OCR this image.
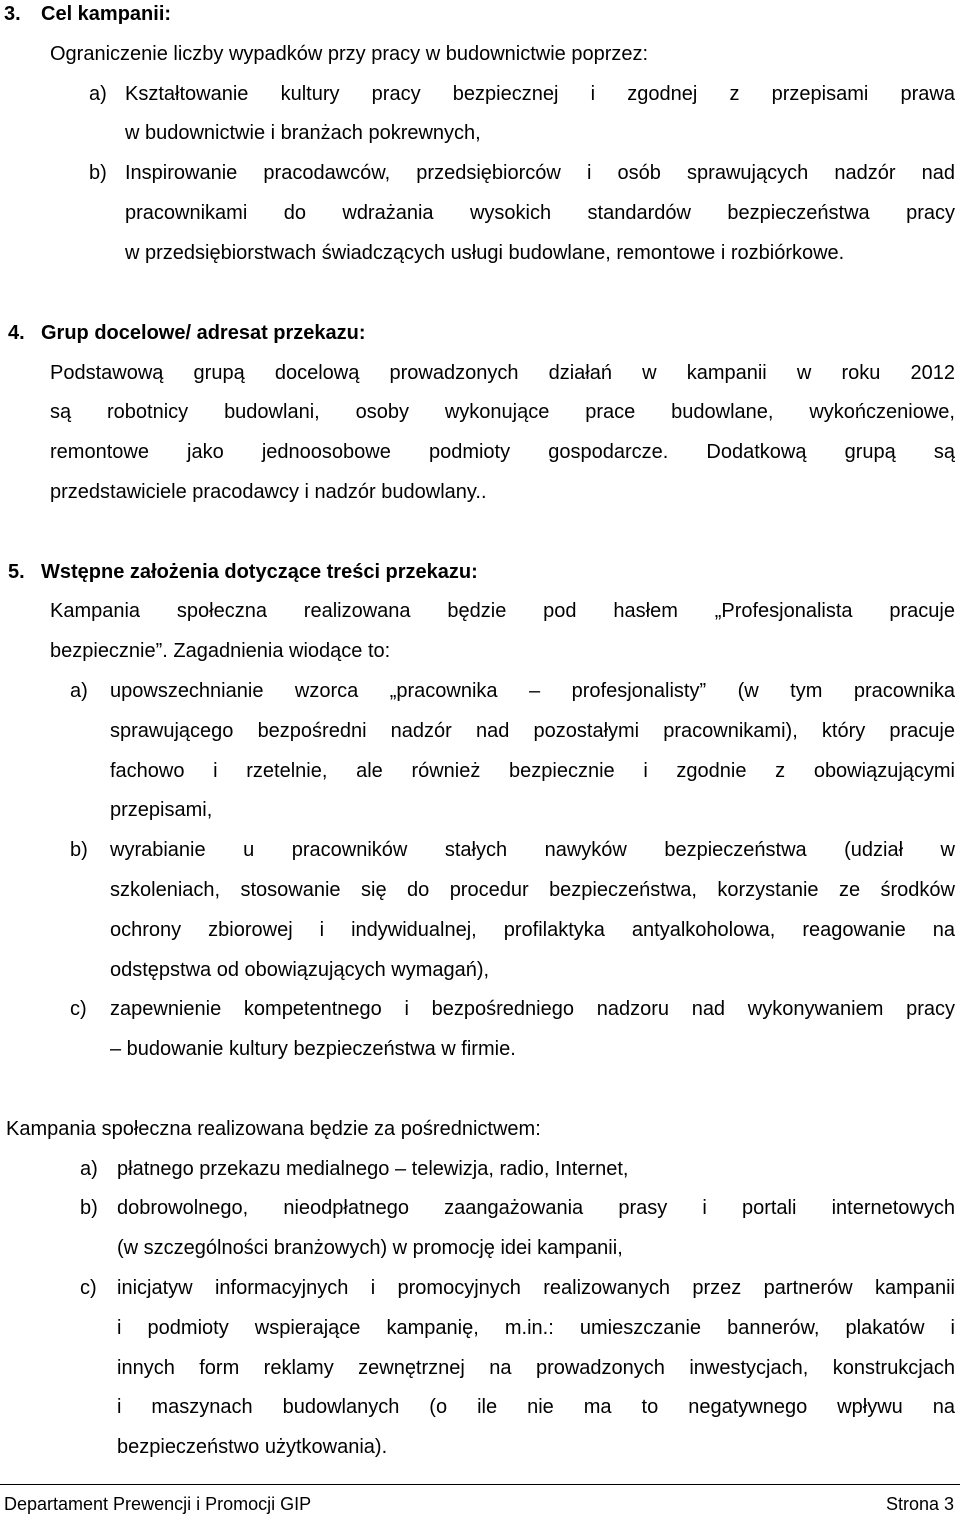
3. Cel kampanii:
Ograniczenie liczby wypadków przy pracy w budownictwie poprzez:
a) Kształtowanie kultury pracy bezpiecznej i zgodnej z przepisami prawa
w budownictwie i branżach pokrewnych,
b) Inspirowanie pracodawców, przedsiębiorców i osób sprawujących nadzór nad
pracownikami do wdrażania wysokich standardów bezpieczeństwa pracy
w przedsiębiorstwach świadczących usługi budowlane, remontowe i rozbiórkowe.
4. Grup docelowe/ adresat przekazu:
Podstawową grupą docelową prowadzonych działań w kampanii w roku 2012
są robotnicy budowlani, osoby wykonujące prace budowlane, wykończeniowe,
remontowe jako jednoosobowe podmioty gospodarcze. Dodatkową grupą są
przedstawiciele pracodawcy i nadzór budowlany..
5. Wstępne założenia dotyczące treści przekazu:
Kampania społeczna realizowana będzie pod hasłem „Profesjonalista pracuje
bezpiecznie”. Zagadnienia wiodące to:
a) upowszechnianie wzorca „pracownika – profesjonalisty” (w tym pracownika
sprawującego bezpośredni nadzór nad pozostałymi pracownikami), który pracuje
fachowo i rzetelnie, ale również bezpiecznie i zgodnie z obowiązującymi
przepisami,
b) wyrabianie u pracowników stałych nawyków bezpieczeństwa (udział w
szkoleniach, stosowanie się do procedur bezpieczeństwa, korzystanie ze środków
ochrony zbiorowej i indywidualnej, profilaktyka antyalkoholowa, reagowanie na
odstępstwa od obowiązujących wymagań),
c) zapewnienie kompetentnego i bezpośredniego nadzoru nad wykonywaniem pracy
– budowanie kultury bezpieczeństwa w firmie.
Kampania społeczna realizowana będzie za pośrednictwem:
a) płatnego przekazu medialnego – telewizja, radio, Internet,
b) dobrowolnego, nieodpłatnego zaangażowania prasy i portali internetowych
(w szczególności branżowych) w promocję idei kampanii,
c) inicjatyw informacyjnych i promocyjnych realizowanych przez partnerów kampanii
i podmioty wspierające kampanię, m.in.: umieszczanie bannerów, plakatów i
innych form reklamy zewnętrznej na prowadzonych inwestycjach, konstrukcjach
i maszynach budowlanych (o ile nie ma to negatywnego wpływu na
bezpieczeństwo użytkowania).
Departament Prewencji i Promocji GIP	Strona 3
